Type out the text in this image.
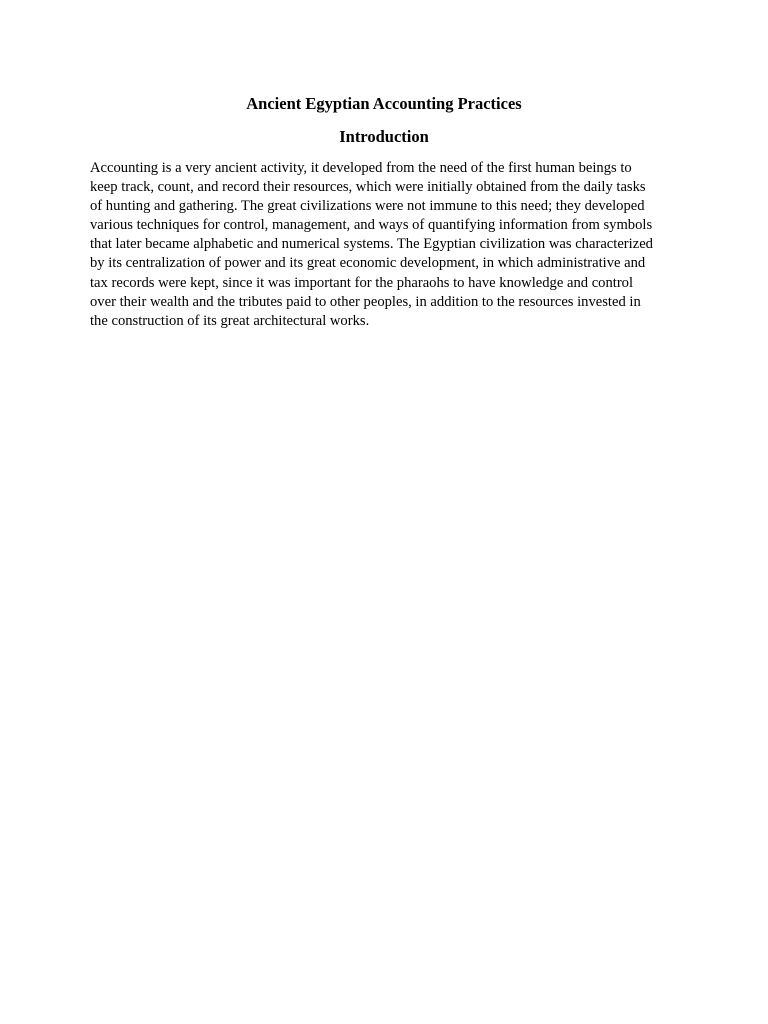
Ancient Egyptian Accounting Practices
Introduction

Accounting is a very ancient activity, it developed from the need of the first human beings to
keep track, count, and record their resources, which were initially obtained from the daily tasks
of hunting and gathering. The great civilizations were not immune to this need; they developed
various techniques for control, management, and ways of quantifying information from symbols
that later became alphabetic and numerical systems. The Egyptian civilization was characterized
by its centralization of power and its great economic development, in which administrative and
tax records were kept, since it was important for the pharaohs to have knowledge and control
over their wealth and the tributes paid to other peoples, in addition to the resources invested in
the construction of its great architectural works.
